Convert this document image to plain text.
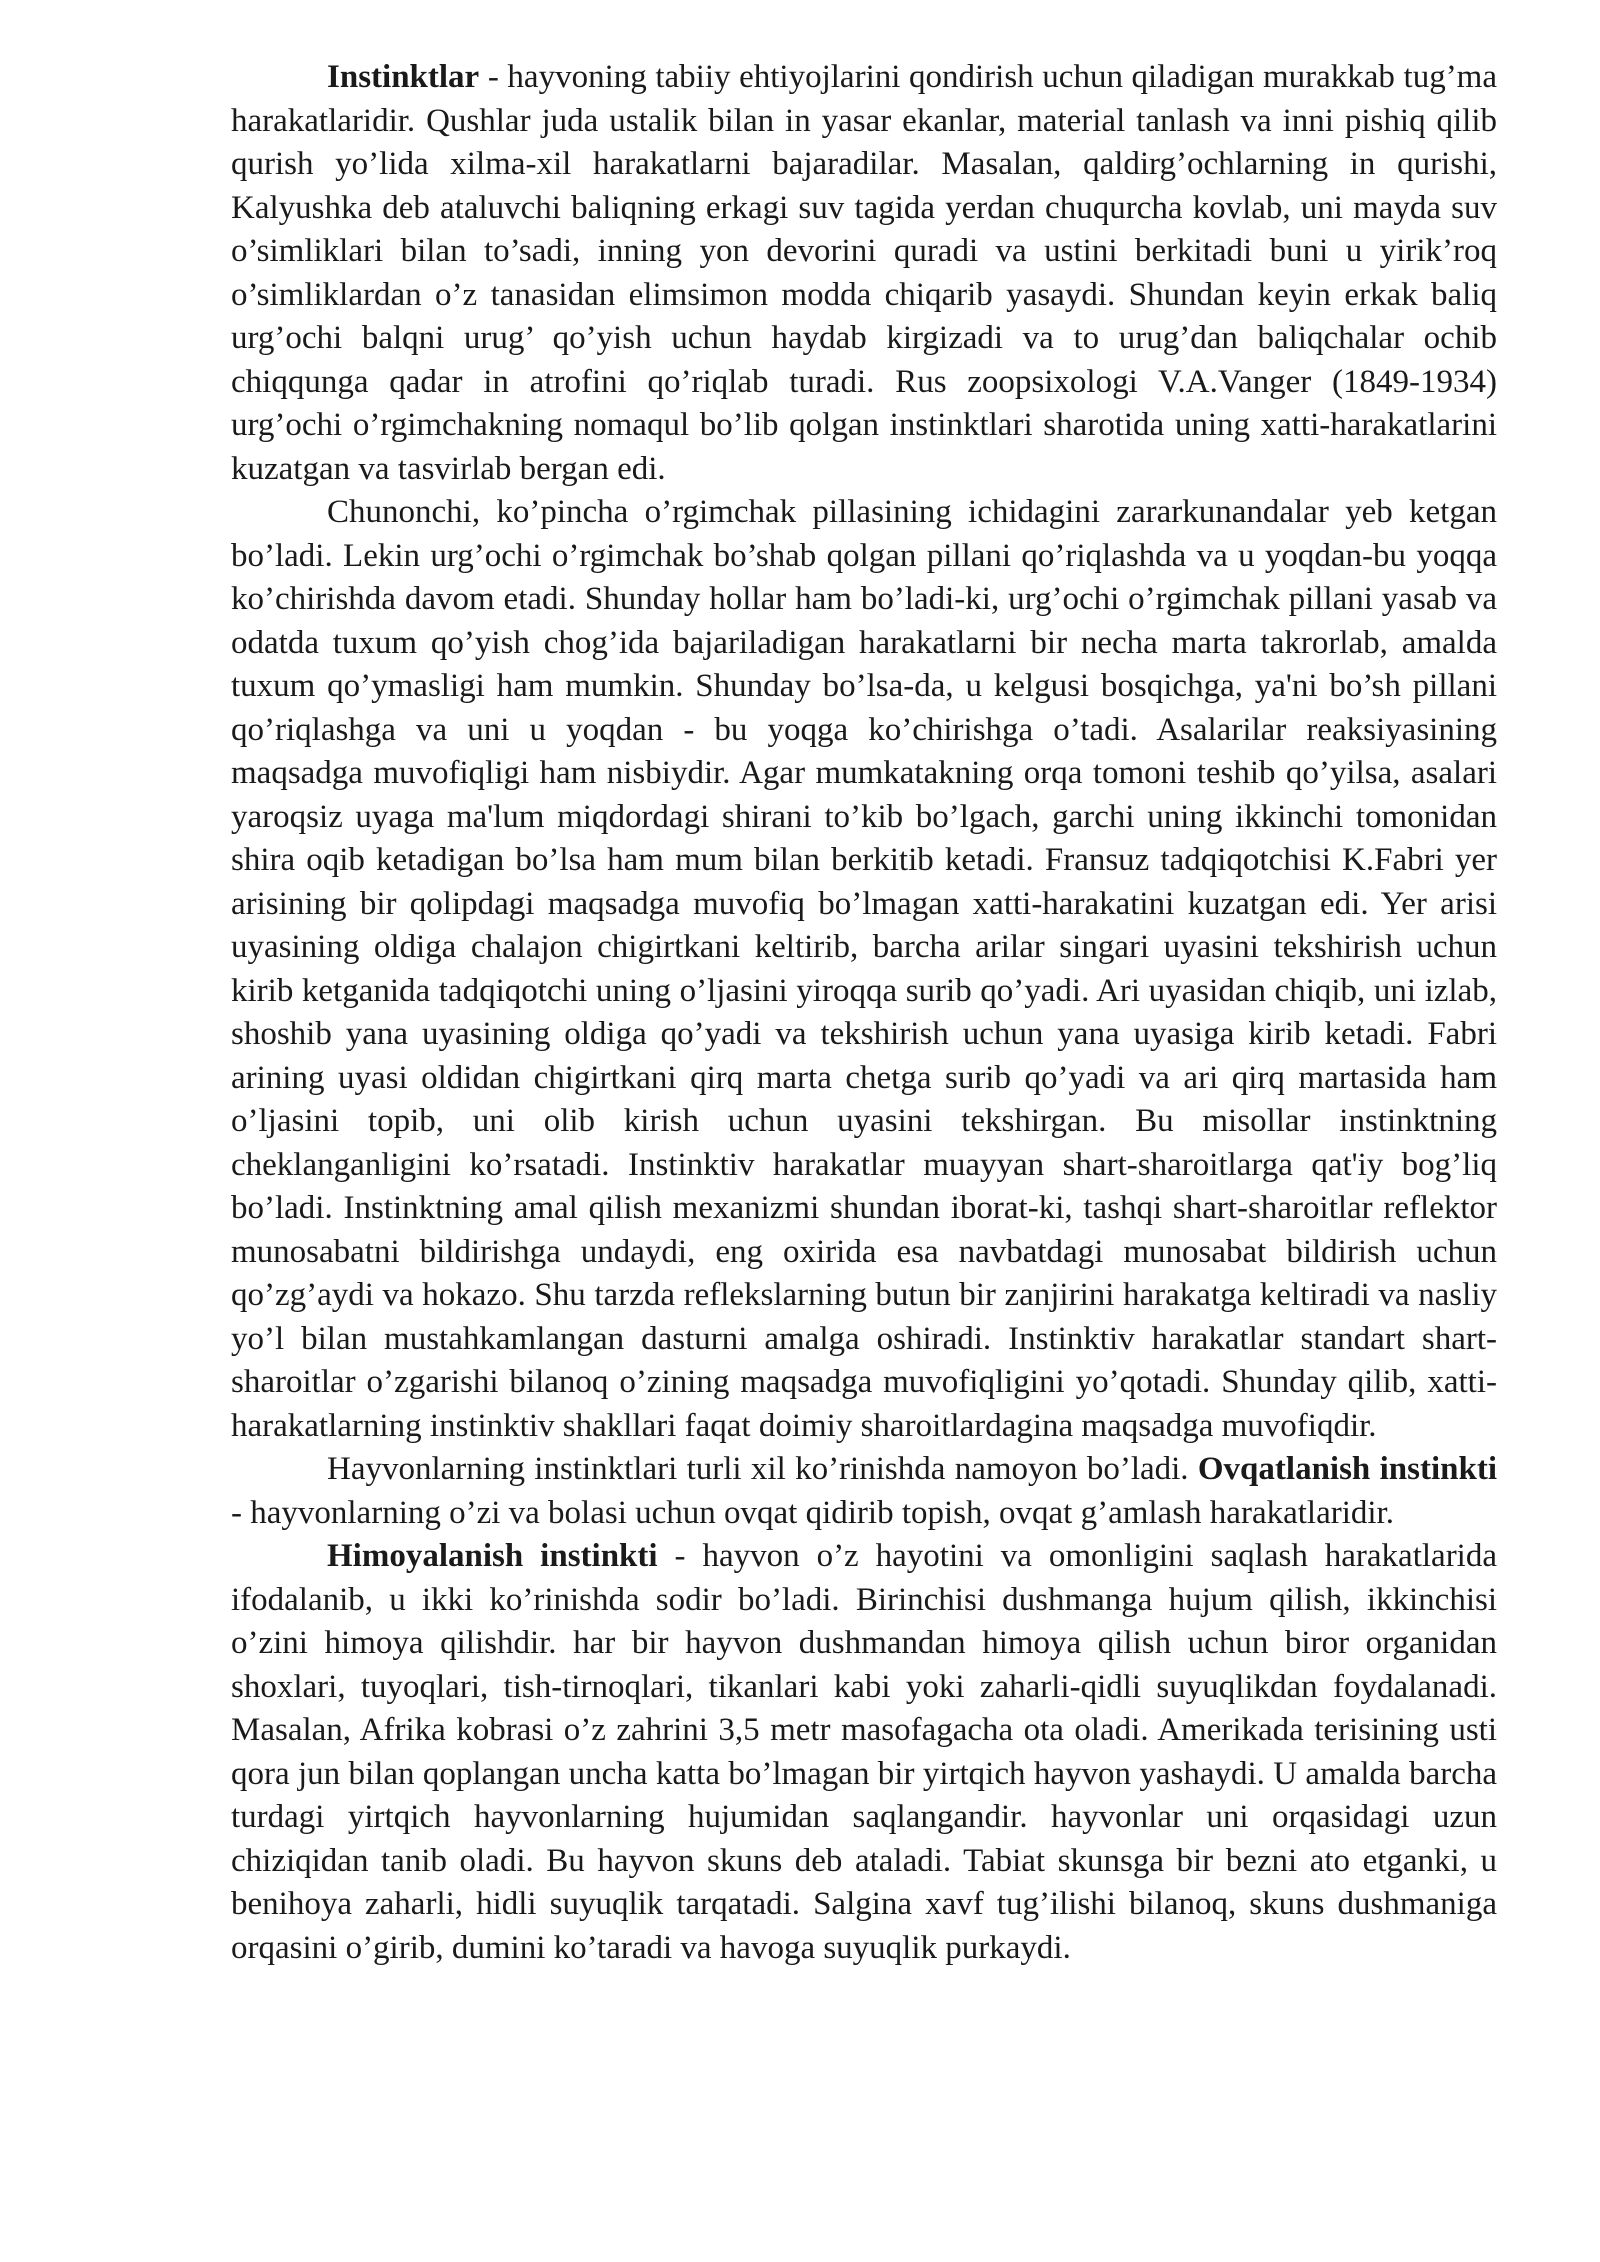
Instinktlar - hayvoning tabiiy ehtiyojlarini qondirish uchun qiladigan murakkab tug’ma harakatlaridir. Qushlar juda ustalik bilan in yasar ekanlar, material tanlash va inni pishiq qilib qurish yo’lida xilma-xil harakatlarni bajaradilar. Masalan, qaldirg’ochlarning in qurishi, Kalyushka deb ataluvchi baliqning erkagi suv tagida yerdan chuqurcha kovlab, uni mayda suv o’simliklari bilan to’sadi, inning yon devorini quradi va ustini berkitadi buni u yirik’roq o’simliklardan o’z tanasidan elimsimon modda chiqarib yasaydi. Shundan keyin erkak baliq urg’ochi balqni urug’ qo’yish uchun haydab kirgizadi va to urug’dan baliqchalar ochib chiqqunga qadar in atrofini qo’riqlab turadi. Rus zoopsixologi V.A.Vanger (1849-1934) urg’ochi o’rgimchakning nomaqul bo’lib qolgan instinktlari sharotida uning xatti-harakatlarini kuzatgan va tasvirlab bergan edi.

Chunonchi, ko’pincha o’rgimchak pillasining ichidagini zararkunandalar yeb ketgan bo’ladi. Lekin urg’ochi o’rgimchak bo’shab qolgan pillani qo’riqlashda va u yoqdan-bu yoqqa ko’chirishda davom etadi. Shunday hollar ham bo’ladi-ki, urg’ochi o’rgimchak pillani yasab va odatda tuxum qo’yish chog’ida bajariladigan harakatlarni bir necha marta takrorlab, amalda tuxum qo’ymasligi ham mumkin. Shunday bo’lsa-da, u kelgusi bosqichga, ya'ni bo’sh pillani qo’riqlashga va uni u yoqdan - bu yoqga ko’chirishga o’tadi. Asalarilar reaksiyasining maqsadga muvofiqligi ham nisbiydir. Agar mumkatakning orqa tomoni teshib qo’yilsa, asalari yaroqsiz uyaga ma'lum miqdordagi shirani to’kib bo’lgach, garchi uning ikkinchi tomonidan shira oqib ketadigan bo’lsa ham mum bilan berkitib ketadi. Fransuz tadqiqotchisi K.Fabri yer arisining bir qolipdagi maqsadga muvofiq bo’lmagan xatti-harakatini kuzatgan edi. Yer arisi uyasining oldiga chalajon chigirtkani keltirib, barcha arilar singari uyasini tekshirish uchun kirib ketganida tadqiqotchi uning o’ljasini yiroqqa surib qo’yadi. Ari uyasidan chiqib, uni izlab, shoshib yana uyasining oldiga qo’yadi va tekshirish uchun yana uyasiga kirib ketadi. Fabri arining uyasi oldidan chigirtkani qirq marta chetga surib qo’yadi va ari qirq martasida ham o’ljasini topib, uni olib kirish uchun uyasini tekshirgan. Bu misollar instinktning cheklanganligini ko’rsatadi. Instinktiv harakatlar muayyan shart-sharoitlarga qat'iy bog’liq bo’ladi. Instinktning amal qilish mexanizmi shundan iborat-ki, tashqi shart-sharoitlar reflektor munosabatni bildirishga undaydi, eng oxirida esa navbatdagi munosabat bildirish uchun qo’zg’aydi va hokazo. Shu tarzda reflekslarning butun bir zanjirini harakatga keltiradi va nasliy yo’l bilan mustahkamlangan dasturni amalga oshiradi. Instinktiv harakatlar standart shart-sharoitlar o’zgarishi bilanoq o’zining maqsadga muvofiqligini yo’qotadi. Shunday qilib, xatti-harakatlarning instinktiv shakllari faqat doimiy sharoitlardagina maqsadga muvofiqdir.

Hayvonlarning instinktlari turli xil ko’rinishda namoyon bo’ladi. Ovqatlanish instinkti - hayvonlarning o’zi va bolasi uchun ovqat qidirib topish, ovqat g’amlash harakatlaridir.

Himoyalanish instinkti - hayvon o’z hayotini va omonligini saqlash harakatlarida ifodalanib, u ikki ko’rinishda sodir bo’ladi. Birinchisi dushmanga hujum qilish, ikkinchisi o’zini himoya qilishdir. har bir hayvon dushmandan himoya qilish uchun biror organidan shoxlari, tuyoqlari, tish-tirnoqlari, tikanlari kabi yoki zaharli-qidli suyuqlikdan foydalanadi. Masalan, Afrika kobrasi o’z zahrini 3,5 metr masofagacha ota oladi. Amerikada terisining usti qora jun bilan qoplangan uncha katta bo’lmagan bir yirtqich hayvon yashaydi. U amalda barcha turdagi yirtqich hayvonlarning hujumidan saqlangandir. hayvonlar uni orqasidagi uzun chiziqidan tanib oladi. Bu hayvon skuns deb ataladi. Tabiat skunsga bir bezni ato etganki, u benihoya zaharli, hidli suyuqlik tarqatadi. Salgina xavf tug’ilishi bilanoq, skuns dushmaniga orqasini o’girib, dumini ko’taradi va havoga suyuqlik purkaydi.
